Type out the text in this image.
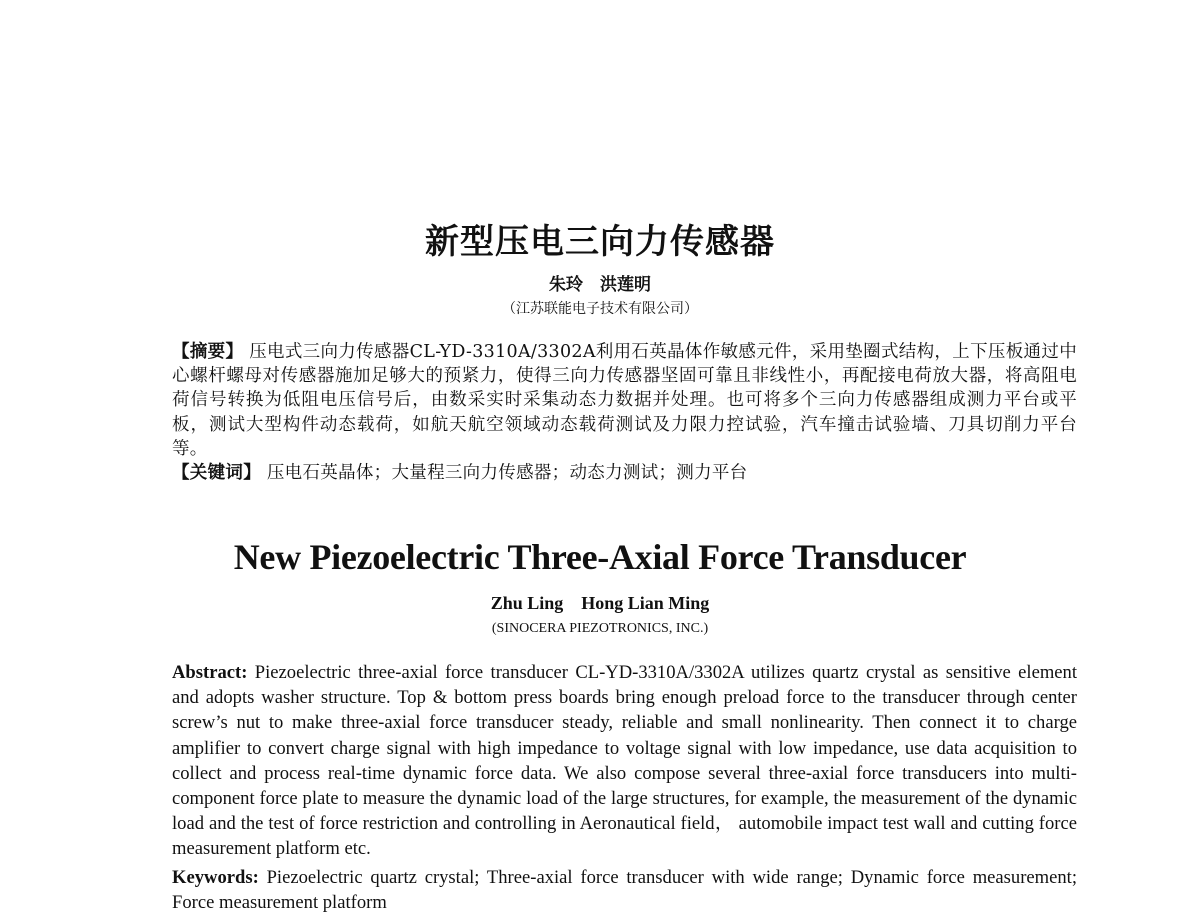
新型压电三向力传感器
朱玲　洪莲明
（江苏联能电子技术有限公司）

【摘要】 压电式三向力传感器CL-YD-3310A/3302A利用石英晶体作敏感元件，采用垫圈式结构，上下压板通过中心螺杆螺母对传感器施加足够大的预紧力，使得三向力传感器坚固可靠且非线性小，再配接电荷放大器，将高阻电荷信号转换为低阻电压信号后，由数采实时采集动态力数据并处理。也可将多个三向力传感器组成测力平台或平板，测试大型构件动态载荷，如航天航空领域动态载荷测试及力限力控试验，汽车撞击试验墙、刀具切削力平台等。

【关键词】 压电石英晶体；大量程三向力传感器；动态力测试；测力平台

New Piezoelectric Three-Axial Force Transducer
Zhu Ling    Hong Lian Ming
(SINOCERA PIEZOTRONICS, INC.)

Abstract: Piezoelectric three-axial force transducer CL-YD-3310A/3302A utilizes quartz crystal as sensitive element and adopts washer structure. Top & bottom press boards bring enough preload force to the transducer through center screw’s nut to make three-axial force transducer steady, reliable and small nonlinearity. Then connect it to charge amplifier to convert charge signal with high impedance to voltage signal with low impedance, use data acquisition to collect and process real-time dynamic force data. We also compose several three-axial force transducers into multi-component force plate to measure the dynamic load of the large structures, for example, the measurement of the dynamic load and the test of force restriction and controlling in Aeronautical field， automobile impact test wall and cutting force measurement platform etc.

Keywords: Piezoelectric quartz crystal; Three-axial force transducer with wide range; Dynamic force measurement; Force measurement platform
